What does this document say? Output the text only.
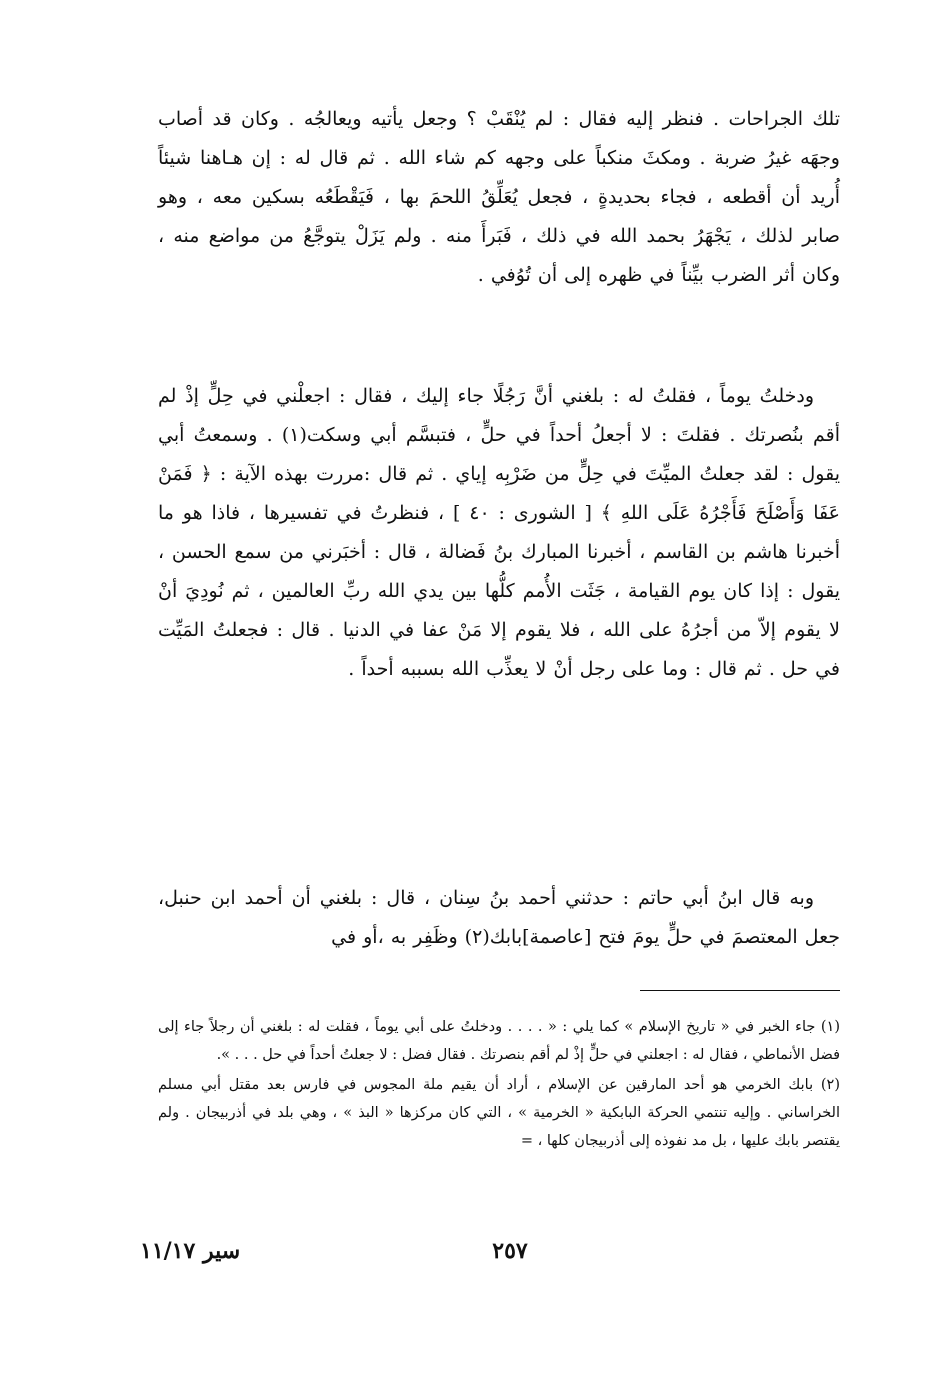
تلك الجراحات . فنظر إليه فقال : لم يُنْقَبْ ؟ وجعل يأتيه ويعالجُه . وكان قد أصاب وجهَه غيرُ ضربة . ومكثَ منكباً على وجهه كم شاء الله . ثم قال له : إن هـاهنا شيئاً أُريد أن أقطعه ، فجاء بحديدةٍ ، فجعل يُعَلِّقُ اللحمَ بها ، فَيَقْطَعُه بسكين معه ، وهو صابر لذلك ، يَجْهَرُ بحمد الله في ذلك ، فَبَرأَ منه . ولم يَزَلْ يتوجَّعُ من مواضع منه ، وكان أثر الضرب بيِّناً في ظهره إلى أن تُوُفي .

ودخلتُ يوماً ، فقلتُ له : بلغني أنَّ رَجُلًا جاء إليك ، فقال : اجعلْني في حِلٍّ إذْ لم أقم بنُصرتك . فقلتَ : لا أجعلُ أحداً في حلٍّ ، فتبسَّم أبي وسكت(١) . وسمعتُ أبي يقول : لقد جعلتُ الميِّتَ في حِلٍّ من ضَرْبِه إياي . ثم قال :مررت بهذه الآية : ﴿ فَمَنْ عَفَا وَأَصْلَحَ فَأَجْرُهُ عَلَى اللهِ ﴾ [ الشورى : ٤٠ ] ، فنظرتُ في تفسيرها ، فاذا هو ما أخبرنا هاشم بن القاسم ، أخبرنا المبارك بنُ فَضالة ، قال : أخبَرني من سمع الحسن ، يقول : إذا كان يوم القيامة ، جَثَت الأُمم كلُّها بين يدي الله ربِّ العالمين ، ثم نُودِيَ أنْ لا يقوم إلاّ من أجرُهُ على الله ، فلا يقوم إلا مَنْ عفا في الدنيا . قال : فجعلتُ المَيِّت في حل . ثم قال : وما على رجل أنْ لا يعذِّب الله بسببه أحداً .

وبه قال ابنُ أبي حاتم : حدثني أحمد بنُ سِنان ، قال : بلغني أن أحمد ابن حنبل، جعل المعتصمَ في حلٍّ يومَ فتح [عاصمة]بابك(٢) وظَفِر به ،أو في

(١) جاء الخبر في « تاريخ الإسلام » كما يلي : « . . . . ودخلتُ على أبي يوماً ، فقلت له : بلغني أن رجلاً جاء إلى فضل الأنماطي ، فقال له : اجعلني في حلٍّ إذْ لم أقم بنصرتك . فقال فضل : لا جعلتُ أحداً في حل . . . ».

(٢) بابك الخرمي هو أحد المارقين عن الإسلام ، أراد أن يقيم ملة المجوس في فارس بعد مقتل أبي مسلم الخراساني . وإليه تنتمي الحركة البابكية « الخرمية » ، التي كان مركزها « البذ » ، وهي بلد في أذربيجان . ولم يقتصر بابك عليها ، بل مد نفوذه إلى أذربيجان كلها ، =

٢٥٧
سير ١١/١٧
